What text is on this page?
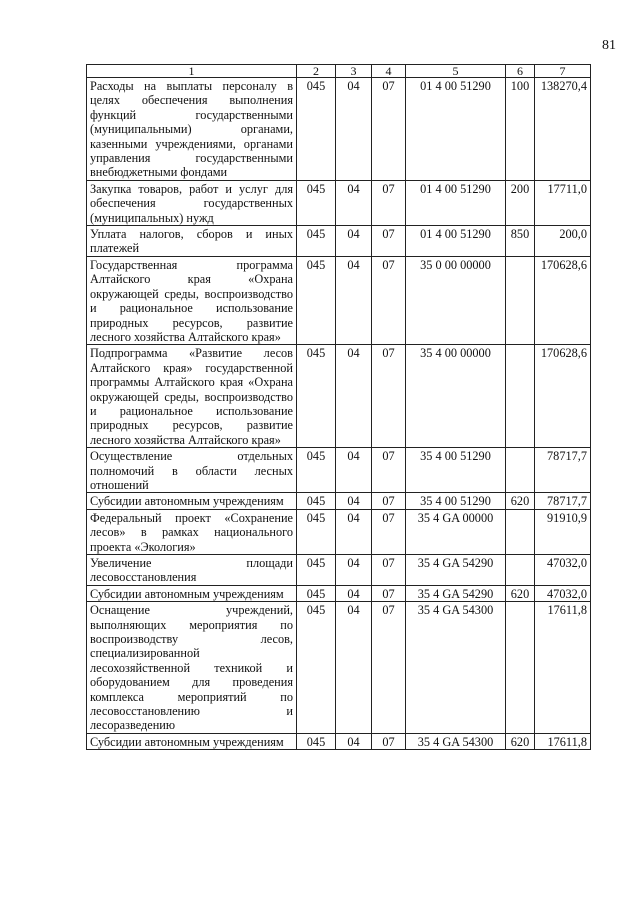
81
1	2	3	4	5	6	7
Расходы на выплаты персоналу в целях обеспечения выполнения функций государственными (муниципальными) органами, казенными учреждениями, органами управления государственными внебюджетными фондами	045	04	07	01 4 00 51290	100	138270,4
Закупка товаров, работ и услуг для обеспечения государственных (муниципальных) нужд	045	04	07	01 4 00 51290	200	17711,0
Уплата налогов, сборов и иных платежей	045	04	07	01 4 00 51290	850	200,0
Государственная программа Алтайского края «Охрана окружающей среды, воспроизводство и рациональное использование природных ресурсов, развитие лесного хозяйства Алтайского края»	045	04	07	35 0 00 00000		170628,6
Подпрограмма «Развитие лесов Алтайского края» государственной программы Алтайского края «Охрана окружающей среды, воспроизводство и рациональное использование природных ресурсов, развитие лесного хозяйства Алтайского края»	045	04	07	35 4 00 00000		170628,6
Осуществление отдельных полномочий в области лесных отношений	045	04	07	35 4 00 51290		78717,7
Субсидии автономным учреждениям	045	04	07	35 4 00 51290	620	78717,7
Федеральный проект «Сохранение лесов» в рамках национального проекта «Экология»	045	04	07	35 4 GA 00000		91910,9
Увеличение площади лесовосстановления	045	04	07	35 4 GA 54290		47032,0
Субсидии автономным учреждениям	045	04	07	35 4 GA 54290	620	47032,0
Оснащение учреждений, выполняющих мероприятия по воспроизводству лесов, специализированной лесохозяйственной техникой и оборудованием для проведения комплекса мероприятий по лесовосстановлению и лесоразведению	045	04	07	35 4 GA 54300		17611,8
Субсидии автономным учреждениям	045	04	07	35 4 GA 54300	620	17611,8
